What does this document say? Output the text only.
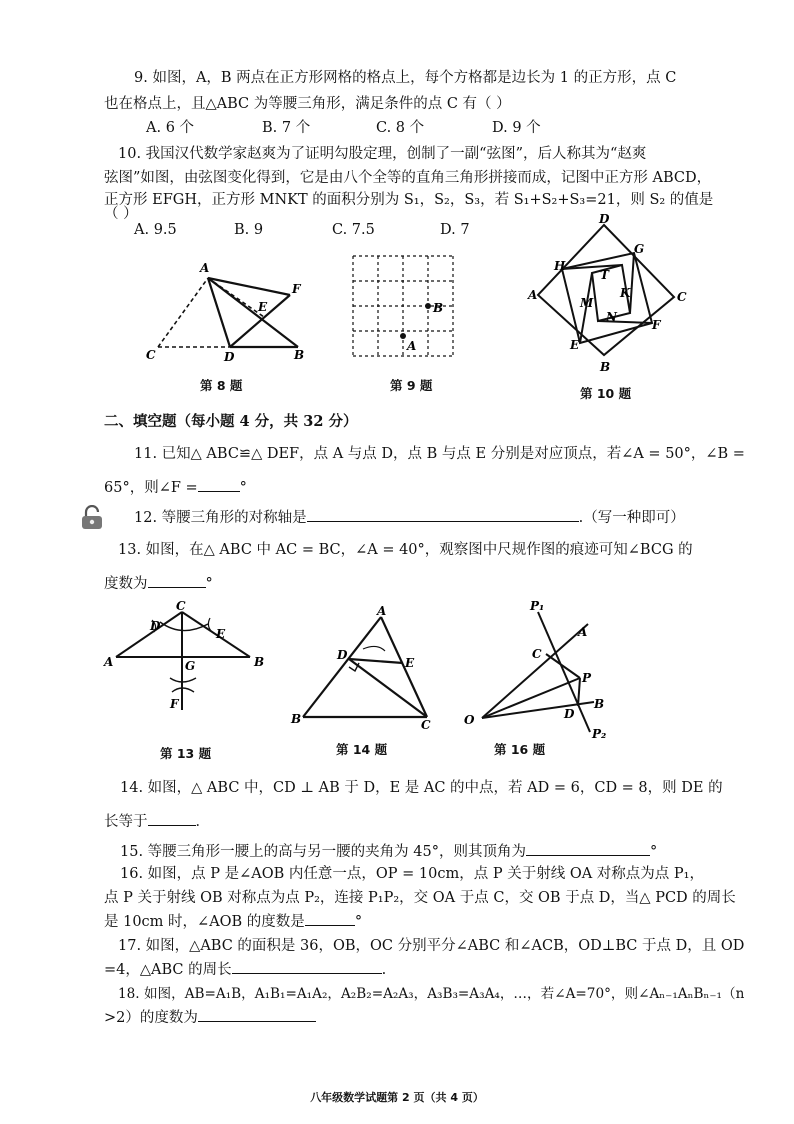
9. 如图，A，B 两点在正方形网格的格点上，每个方格都是边长为 1 的正方形，点 C
也在格点上，且△ABC 为等腰三角形，满足条件的点 C 有（ ）
A. 6 个	B. 7 个	C. 8 个	D. 9 个
10. 我国汉代数学家赵爽为了证明勾股定理，创制了一副“弦图”，后人称其为“赵爽
弦图”如图，由弦图变化得到，它是由八个全等的直角三角形拼接而成，记图中正方形 ABCD，
正方形 EFGH，正方形 MNKT 的面积分别为 S₁，S₂，S₃，若 S₁+S₂+S₃=21，则 S₂ 的值是
（ ）
A. 9.5	B. 9	C. 7.5	D. 7
A
F
E
C	D	B
第 8 题
B
A
第 9 题
D
H
G
T
A
M
K	C
N
F
E
B
第 10 题
二、填空题（每小题 4 分，共 32 分）
11. 已知△ ABC≌△ DEF，点 A 与点 D，点 B 与点 E 分别是对应顶点，若∠A = 50°，∠B =
65°，则∠F =	°
12. 等腰三角形的对称轴是	.（写一种即可）
13. 如图，在△ ABC 中 AC = BC，∠A = 40°，观察图中尺规作图的痕迹可知∠BCG 的
度数为	°
C
D
E
A	G	B
F
第 13 题
A
D
E
B	C
第 14 题
P₁
A
C
P
O	D
B
P₂
第 16 题
14. 如图，△ ABC 中，CD ⊥ AB 于 D，E 是 AC 的中点，若 AD = 6，CD = 8，则 DE 的
长等于	．
15. 等腰三角形一腰上的高与另一腰的夹角为 45°，则其顶角为	°
16. 如图，点 P 是∠AOB 内任意一点，OP = 10cm，点 P 关于射线 OA 对称点为点 P₁，
点 P 关于射线 OB 对称点为点 P₂，连接 P₁P₂，交 OA 于点 C，交 OB 于点 D，当△ PCD 的周长
是 10cm 时，∠AOB 的度数是	°
17. 如图，△ABC 的面积是 36，OB，OC 分别平分∠ABC 和∠ACB，OD⊥BC 于点 D，且 OD
=4，△ABC 的周长	.
18. 如图，AB=A₁B，A₁B₁=A₁A₂，A₂B₂=A₂A₃，A₃B₃=A₃A₄，…，若∠A=70°，则∠Aₙ₋₁AₙBₙ₋₁（n
>2）的度数为
八年级数学试题第 2 页（共 4 页）
